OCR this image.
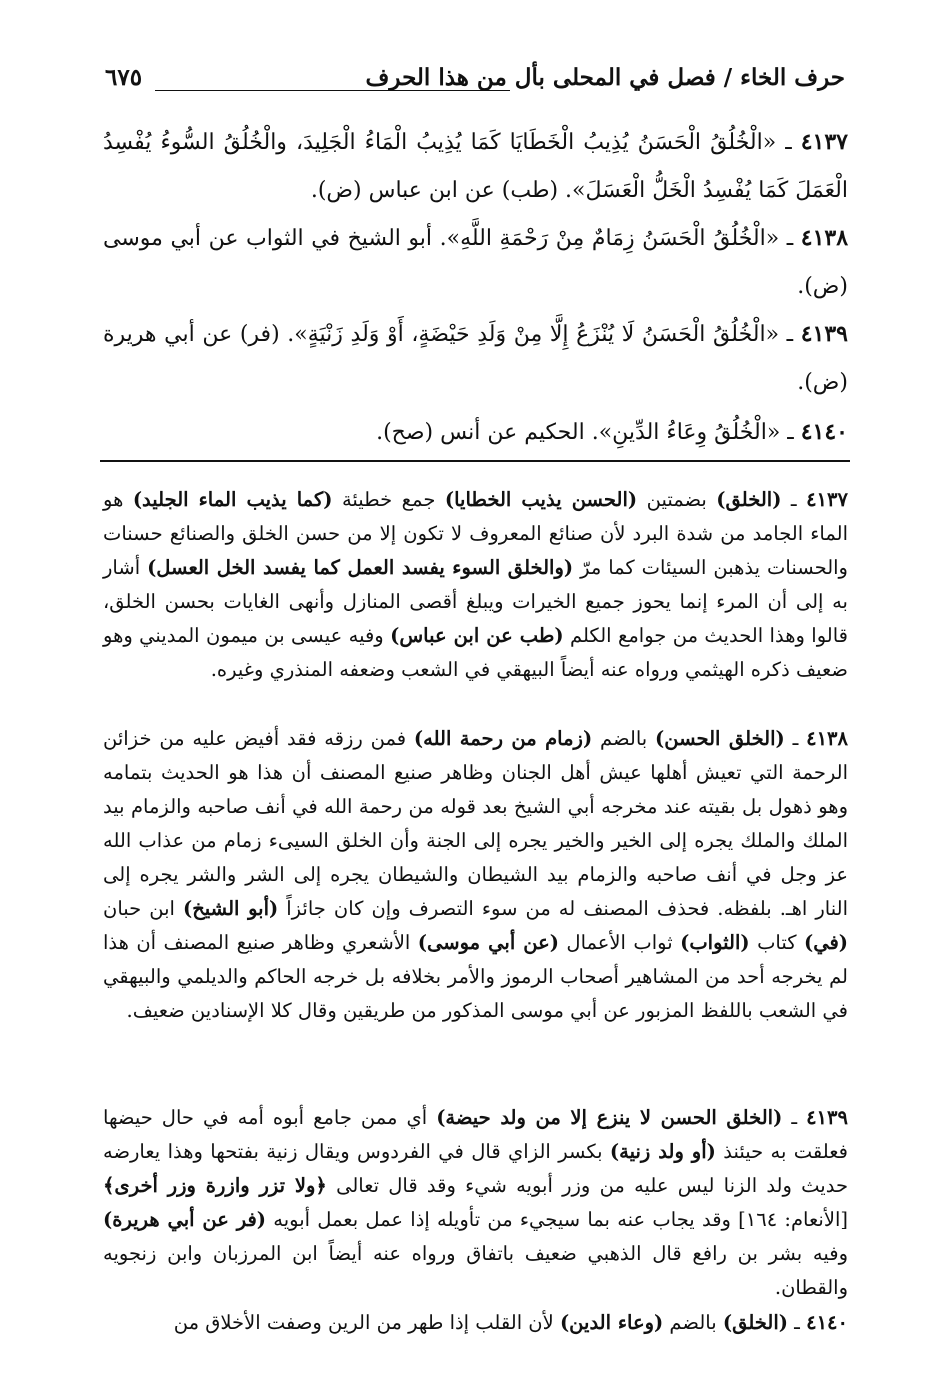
حرف الخاء / فصل في المحلى بأل من هذا الحرف
٦٧٥
٤١٣٧ ـ «الْخُلُقُ الْحَسَنُ يُذِيبُ الْخَطَايَا كَمَا يُذِيبُ الْمَاءُ الْجَلِيدَ، والْخُلُقُ السُّوءُ يُفْسِدُ الْعَمَلَ كَمَا يُفْسِدُ الْخَلُّ الْعَسَلَ». (طب) عن ابن عباس (ض).
٤١٣٨ ـ «الْخُلُقُ الْحَسَنُ زِمَامٌ مِنْ رَحْمَةِ اللَّهِ». أبو الشيخ في الثواب عن أبي موسى (ض).
٤١٣٩ ـ «الْخُلُقُ الْحَسَنُ لَا يُنْزَعُ إِلَّا مِنْ وَلَدِ حَيْضَةٍ، أَوْ وَلَدِ زَنْيَةٍ». (فر) عن أبي هريرة (ض).
٤١٤٠ ـ «الْخُلُقُ وِعَاءُ الدِّينِ». الحكيم عن أنس (صح).
٤١٣٧ ـ (الخلق) بضمتين (الحسن يذيب الخطايا) جمع خطيئة (كما يذيب الماء الجليد) هو الماء الجامد من شدة البرد لأن صنائع المعروف لا تكون إلا من حسن الخلق والصنائع حسنات والحسنات يذهبن السيئات كما مرّ (والخلق السوء يفسد العمل كما يفسد الخل العسل) أشار به إلى أن المرء إنما يحوز جميع الخيرات ويبلغ أقصى المنازل وأنهى الغايات بحسن الخلق، قالوا وهذا الحديث من جوامع الكلم (طب عن ابن عباس) وفيه عيسى بن ميمون المديني وهو ضعيف ذكره الهيثمي ورواه عنه أيضاً البيهقي في الشعب وضعفه المنذري وغيره.
٤١٣٨ ـ (الخلق الحسن) بالضم (زمام من رحمة الله) فمن رزقه فقد أفيض عليه من خزائن الرحمة التي تعيش أهلها عيش أهل الجنان وظاهر صنيع المصنف أن هذا هو الحديث بتمامه وهو ذهول بل بقيته عند مخرجه أبي الشيخ بعد قوله من رحمة الله في أنف صاحبه والزمام بيد الملك والملك يجره إلى الخير والخير يجره إلى الجنة وأن الخلق السيىء زمام من عذاب الله عز وجل في أنف صاحبه والزمام بيد الشيطان والشيطان يجره إلى الشر والشر يجره إلى النار اهـ. بلفظه. فحذف المصنف له من سوء التصرف وإن كان جائزاً (أبو الشيخ) ابن حبان (في) كتاب (الثواب) ثواب الأعمال (عن أبي موسى) الأشعري وظاهر صنيع المصنف أن هذا لم يخرجه أحد من المشاهير أصحاب الرموز والأمر بخلافه بل خرجه الحاكم والديلمي والبيهقي في الشعب باللفظ المزبور عن أبي موسى المذكور من طريقين وقال كلا الإسنادين ضعيف.
٤١٣٩ ـ (الخلق الحسن لا ينزع إلا من ولد حيضة) أي ممن جامع أبوه أمه في حال حيضها فعلقت به حيئنذ (أو ولد زنية) بكسر الزاي قال في الفردوس ويقال زنية بفتحها وهذا يعارضه حديث ولد الزنا ليس عليه من وزر أبويه شيء وقد قال تعالى ﴿ولا تزر وازرة وزر أخرى﴾ [الأنعام: ١٦٤] وقد يجاب عنه بما سيجيء من تأويله إذا عمل بعمل أبويه (فر عن أبي هريرة) وفيه بشر بن رافع قال الذهبي ضعيف باتفاق ورواه عنه أيضاً ابن المرزبان وابن زنجويه والقطان.
٤١٤٠ ـ (الخلق) بالضم (وعاء الدين) لأن القلب إذا طهر من الرين وصفت الأخلاق من
